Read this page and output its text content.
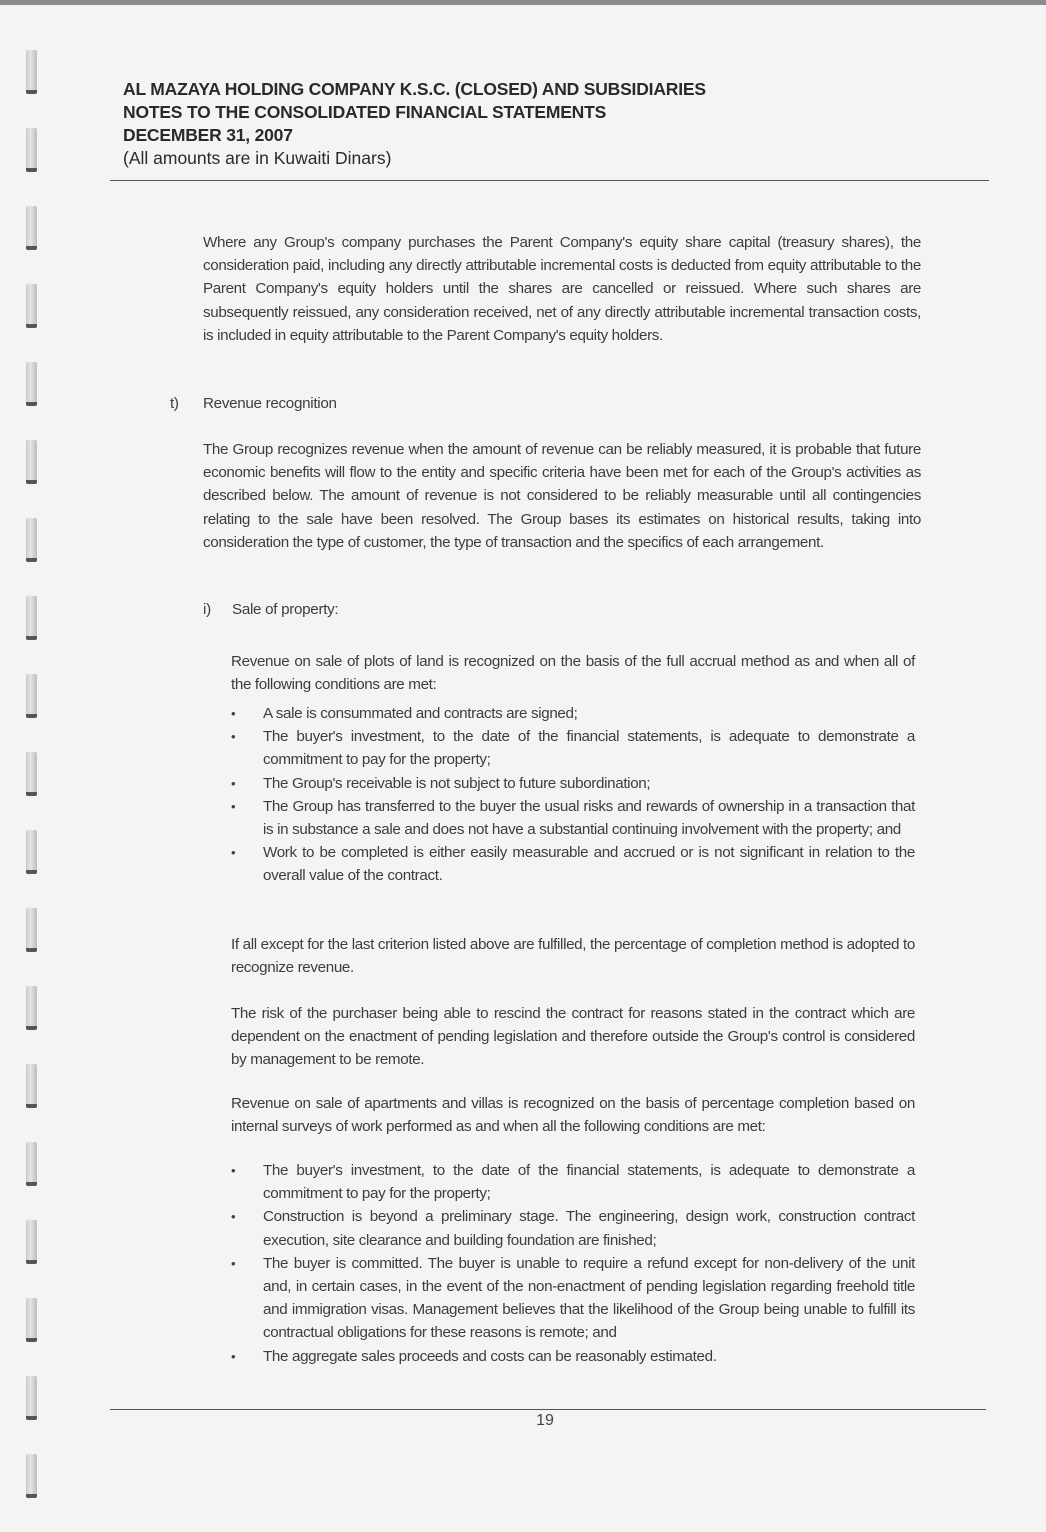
AL MAZAYA HOLDING COMPANY K.S.C. (CLOSED) AND SUBSIDIARIES
NOTES TO THE CONSOLIDATED FINANCIAL STATEMENTS
DECEMBER 31, 2007
(All amounts are in Kuwaiti Dinars)
Where any Group's company purchases the Parent Company's equity share capital (treasury shares), the consideration paid, including any directly attributable incremental costs is deducted from equity attributable to the Parent Company's equity holders until the shares are cancelled or reissued. Where such shares are subsequently reissued, any consideration received, net of any directly attributable incremental transaction costs, is included in equity attributable to the Parent Company's equity holders.
t) Revenue recognition
The Group recognizes revenue when the amount of revenue can be reliably measured, it is probable that future economic benefits will flow to the entity and specific criteria have been met for each of the Group's activities as described below. The amount of revenue is not considered to be reliably measurable until all contingencies relating to the sale have been resolved. The Group bases its estimates on historical results, taking into consideration the type of customer, the type of transaction and the specifics of each arrangement.
i) Sale of property:
Revenue on sale of plots of land is recognized on the basis of the full accrual method as and when all of the following conditions are met:
• A sale is consummated and contracts are signed;
• The buyer's investment, to the date of the financial statements, is adequate to demonstrate a commitment to pay for the property;
• The Group's receivable is not subject to future subordination;
• The Group has transferred to the buyer the usual risks and rewards of ownership in a transaction that is in substance a sale and does not have a substantial continuing involvement with the property; and
• Work to be completed is either easily measurable and accrued or is not significant in relation to the overall value of the contract.
If all except for the last criterion listed above are fulfilled, the percentage of completion method is adopted to recognize revenue.
The risk of the purchaser being able to rescind the contract for reasons stated in the contract which are dependent on the enactment of pending legislation and therefore outside the Group's control is considered by management to be remote.
Revenue on sale of apartments and villas is recognized on the basis of percentage completion based on internal surveys of work performed as and when all the following conditions are met:
• The buyer's investment, to the date of the financial statements, is adequate to demonstrate a commitment to pay for the property;
• Construction is beyond a preliminary stage. The engineering, design work, construction contract execution, site clearance and building foundation are finished;
• The buyer is committed. The buyer is unable to require a refund except for non-delivery of the unit and, in certain cases, in the event of the non-enactment of pending legislation regarding freehold title and immigration visas. Management believes that the likelihood of the Group being unable to fulfill its contractual obligations for these reasons is remote; and
• The aggregate sales proceeds and costs can be reasonably estimated.
19
